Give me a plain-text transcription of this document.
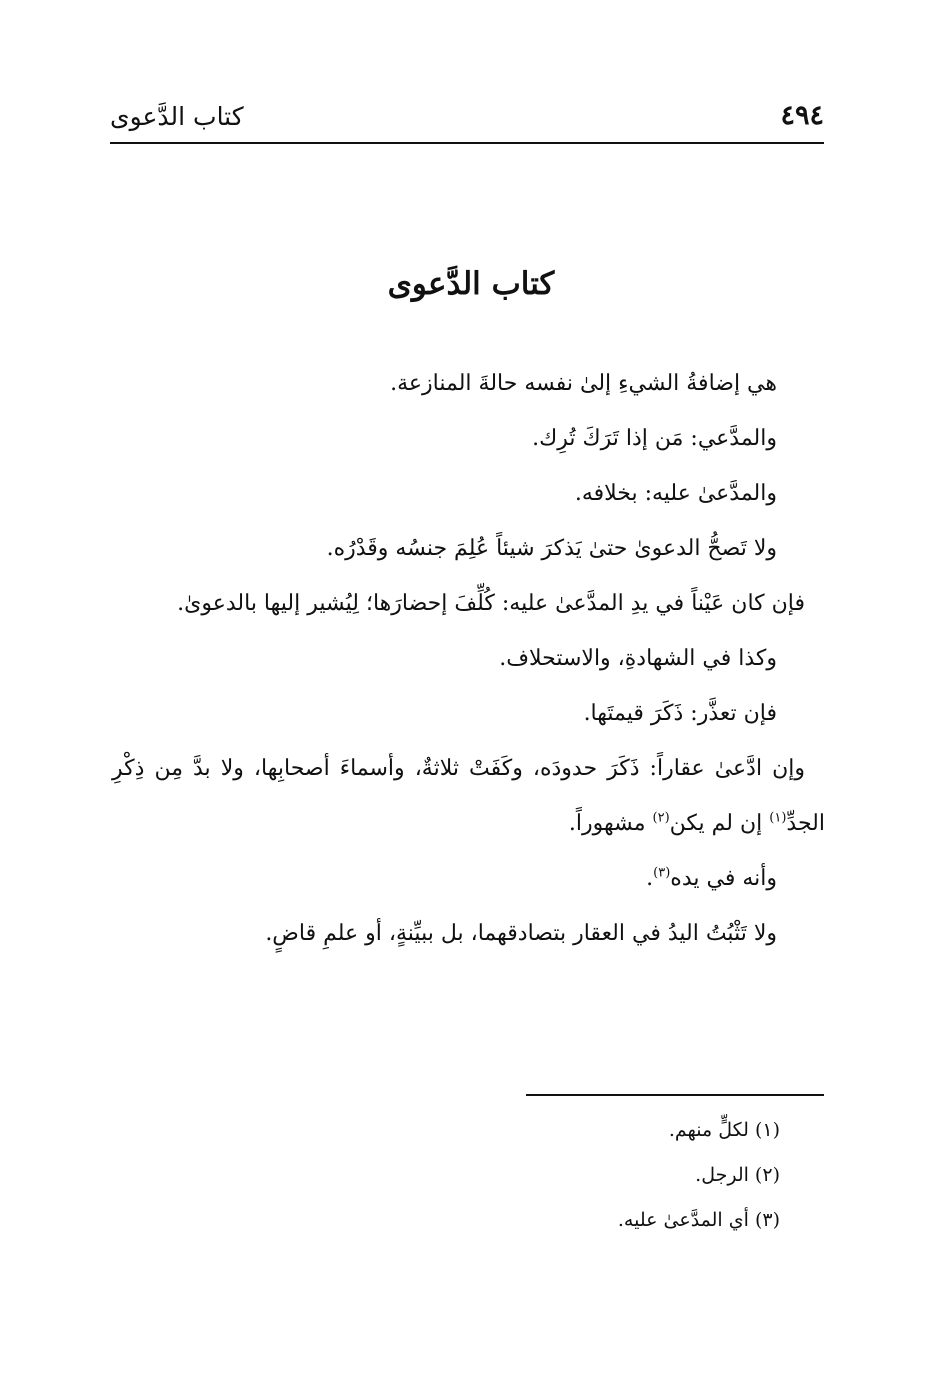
كتاب الدَّعوى	٤٩٤
كتاب الدَّعوى

هي إضافةُ الشيءِ إلىٰ نفسه حالةَ المنازعة.

والمدَّعي: مَن إذا تَرَكَ تُرِك.

والمدَّعىٰ عليه: بخلافه.

ولا تَصحُّ الدعوىٰ حتىٰ يَذكرَ شيئاً عُلِمَ جنسُه وقَدْرُه.

فإن كان عَيْناً في يدِ المدَّعىٰ عليه: كُلِّفَ إحضارَها؛ لِيُشير إليها بالدعوىٰ.

وكذا في الشهادةِ، والاستحلاف.

فإن تعذَّر: ذَكَرَ قيمتَها.

وإن ادَّعىٰ عقاراً: ذَكَرَ حدودَه، وكَفَتْ ثلاثةٌ، وأسماءَ أصحابِها، ولا بدَّ مِن ذِكْرِ الجدِّ$^{(١)}$ إن لم يكن$^{(٢)}$ مشهوراً.

وأنه في يده$^{(٣)}$.

ولا تَثْبُتُ اليدُ في العقار بتصادقهما، بل ببيِّنةٍ، أو علمِ قاضٍ.

(١) لكلٍّ منهم.
(٢) الرجل.
(٣) أي المدَّعىٰ عليه.
